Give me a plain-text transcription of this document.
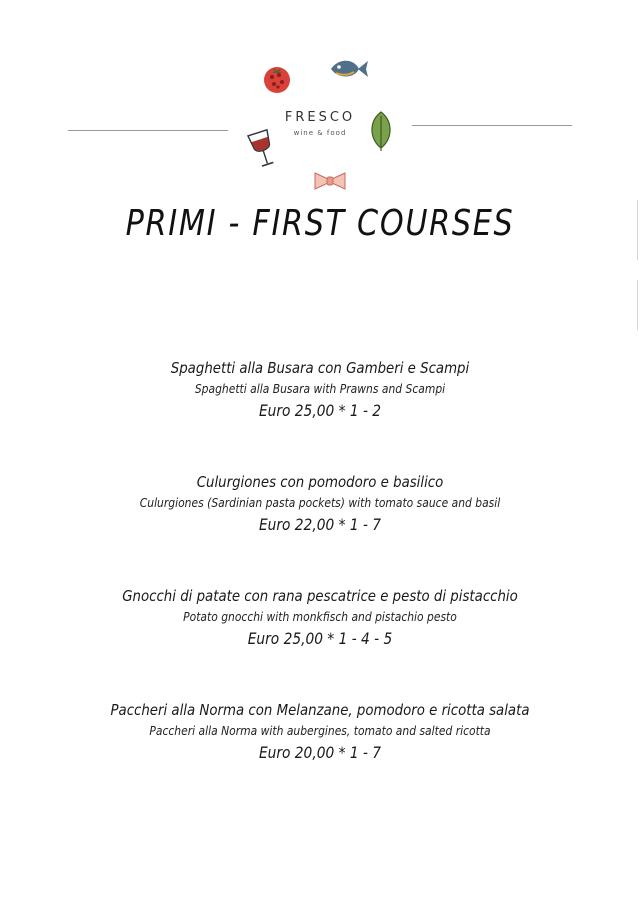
FRESCO
wine & food
PRIMI - FIRST COURSES
Spaghetti alla Busara con Gamberi e Scampi
Spaghetti alla Busara with Prawns and Scampi
Euro 25,00 * 1 - 2
Culurgiones con pomodoro e basilico
Culurgiones (Sardinian pasta pockets) with tomato sauce and basil
Euro 22,00 * 1 - 7
Gnocchi di patate con rana pescatrice e pesto di pistacchio
Potato gnocchi with monkfisch and pistachio pesto
Euro 25,00 * 1 - 4 - 5
Paccheri alla Norma con Melanzane, pomodoro e ricotta salata
Paccheri alla Norma with aubergines, tomato and salted ricotta
Euro 20,00 * 1 - 7
